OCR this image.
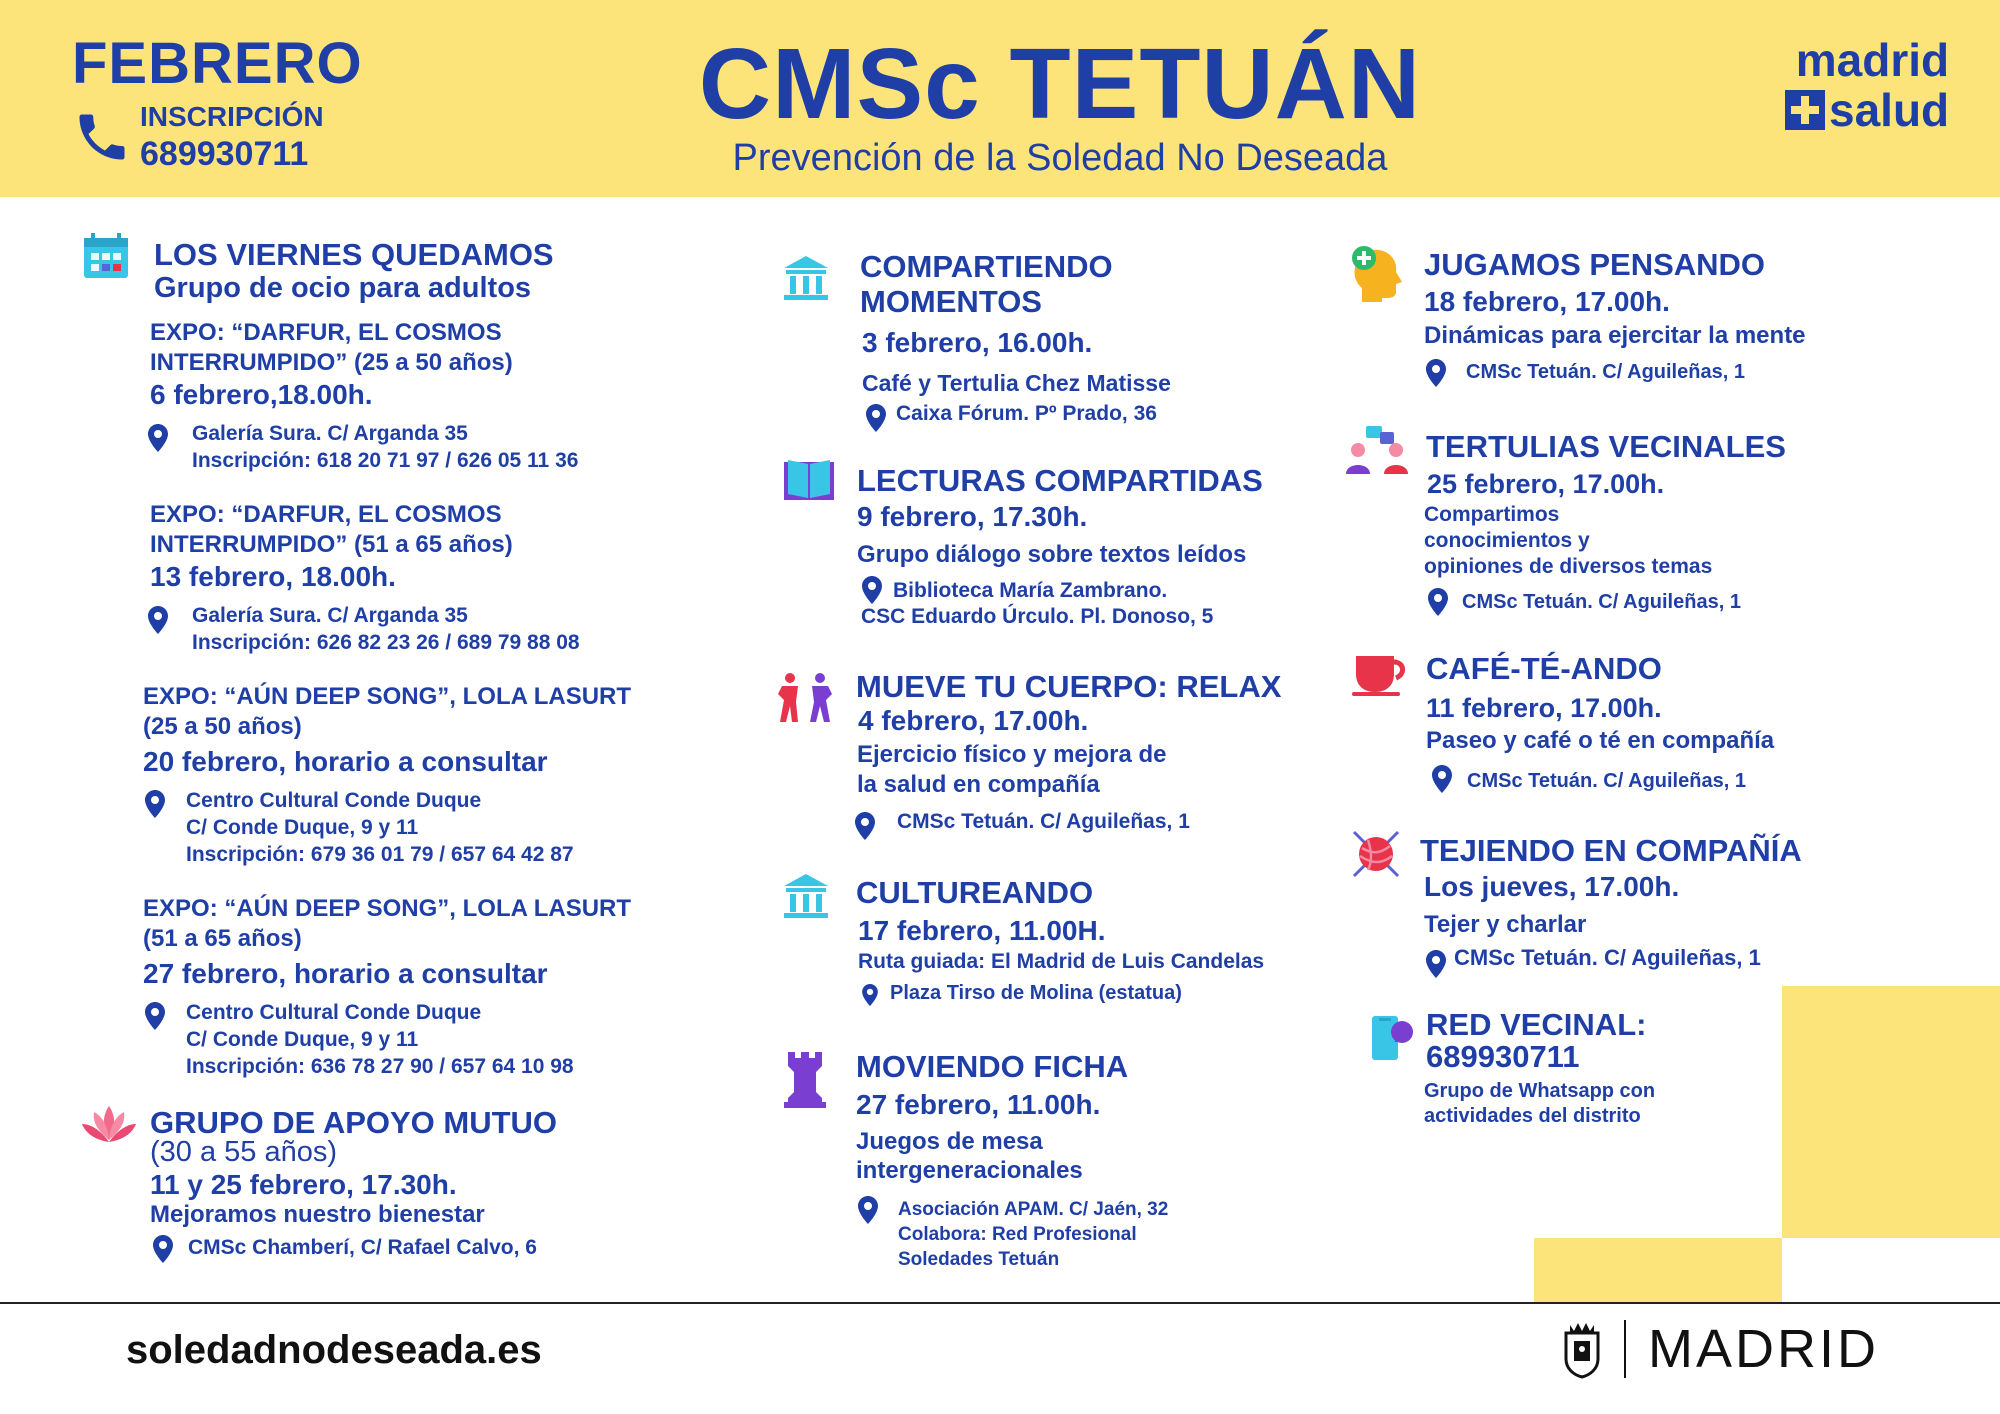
FEBRERO
INSCRIPCIÓN
689930711
CMSc TETUÁN
Prevención de la Soledad No Deseada
madrid
salud
LOS VIERNES QUEDAMOS
Grupo de ocio para adultos
EXPO: “DARFUR, EL COSMOS
INTERRUMPIDO” (25 a 50 años)
6 febrero,18.00h.
Galería Sura. C/ Arganda 35
Inscripción: 618 20 71 97 / 626 05 11 36
EXPO: “DARFUR, EL COSMOS
INTERRUMPIDO” (51 a 65 años)
13 febrero, 18.00h.
Galería Sura. C/ Arganda 35
Inscripción: 626 82 23 26 / 689 79 88 08
EXPO: “AÚN DEEP SONG”, LOLA LASURT
(25 a 50 años)
20 febrero, horario a consultar
Centro Cultural Conde Duque
C/ Conde Duque, 9 y 11
Inscripción: 679 36 01 79 / 657 64 42 87
EXPO: “AÚN DEEP SONG”, LOLA LASURT
(51 a 65 años)
27 febrero, horario a consultar
Centro Cultural Conde Duque
C/ Conde Duque, 9 y 11
Inscripción: 636 78 27 90 / 657 64 10 98
GRUPO DE APOYO MUTUO
(30 a 55 años)
11 y 25 febrero, 17.30h.
Mejoramos nuestro bienestar
CMSc Chamberí, C/ Rafael Calvo, 6
COMPARTIENDO
MOMENTOS
3 febrero, 16.00h.
Café y Tertulia Chez Matisse
Caixa Fórum. Pº Prado, 36
LECTURAS COMPARTIDAS
9 febrero, 17.30h.
Grupo diálogo sobre textos leídos
Biblioteca María Zambrano.
CSC Eduardo Úrculo. Pl. Donoso, 5
MUEVE TU CUERPO: RELAX
4 febrero, 17.00h.
Ejercicio físico y mejora de
la salud en compañía
CMSc Tetuán. C/ Aguileñas, 1
CULTUREANDO
17 febrero, 11.00H.
Ruta guiada: El Madrid de Luis Candelas
Plaza Tirso de Molina (estatua)
MOVIENDO FICHA
27 febrero, 11.00h.
Juegos de mesa
intergeneracionales
Asociación APAM. C/ Jaén, 32
Colabora: Red Profesional
Soledades Tetuán
JUGAMOS PENSANDO
18 febrero, 17.00h.
Dinámicas para ejercitar la mente
CMSc Tetuán. C/ Aguileñas, 1
TERTULIAS VECINALES
25 febrero, 17.00h.
Compartimos
conocimientos y
opiniones de diversos temas
CMSc Tetuán. C/ Aguileñas, 1
CAFÉ-TÉ-ANDO
11 febrero, 17.00h.
Paseo y café o té en compañía
CMSc Tetuán. C/ Aguileñas, 1
TEJIENDO EN COMPAÑÍA
Los jueves, 17.00h.
Tejer y charlar
CMSc Tetuán. C/ Aguileñas, 1
RED VECINAL:
689930711
Grupo de Whatsapp con
actividades del distrito
soledadnodeseada.es	MADRID
